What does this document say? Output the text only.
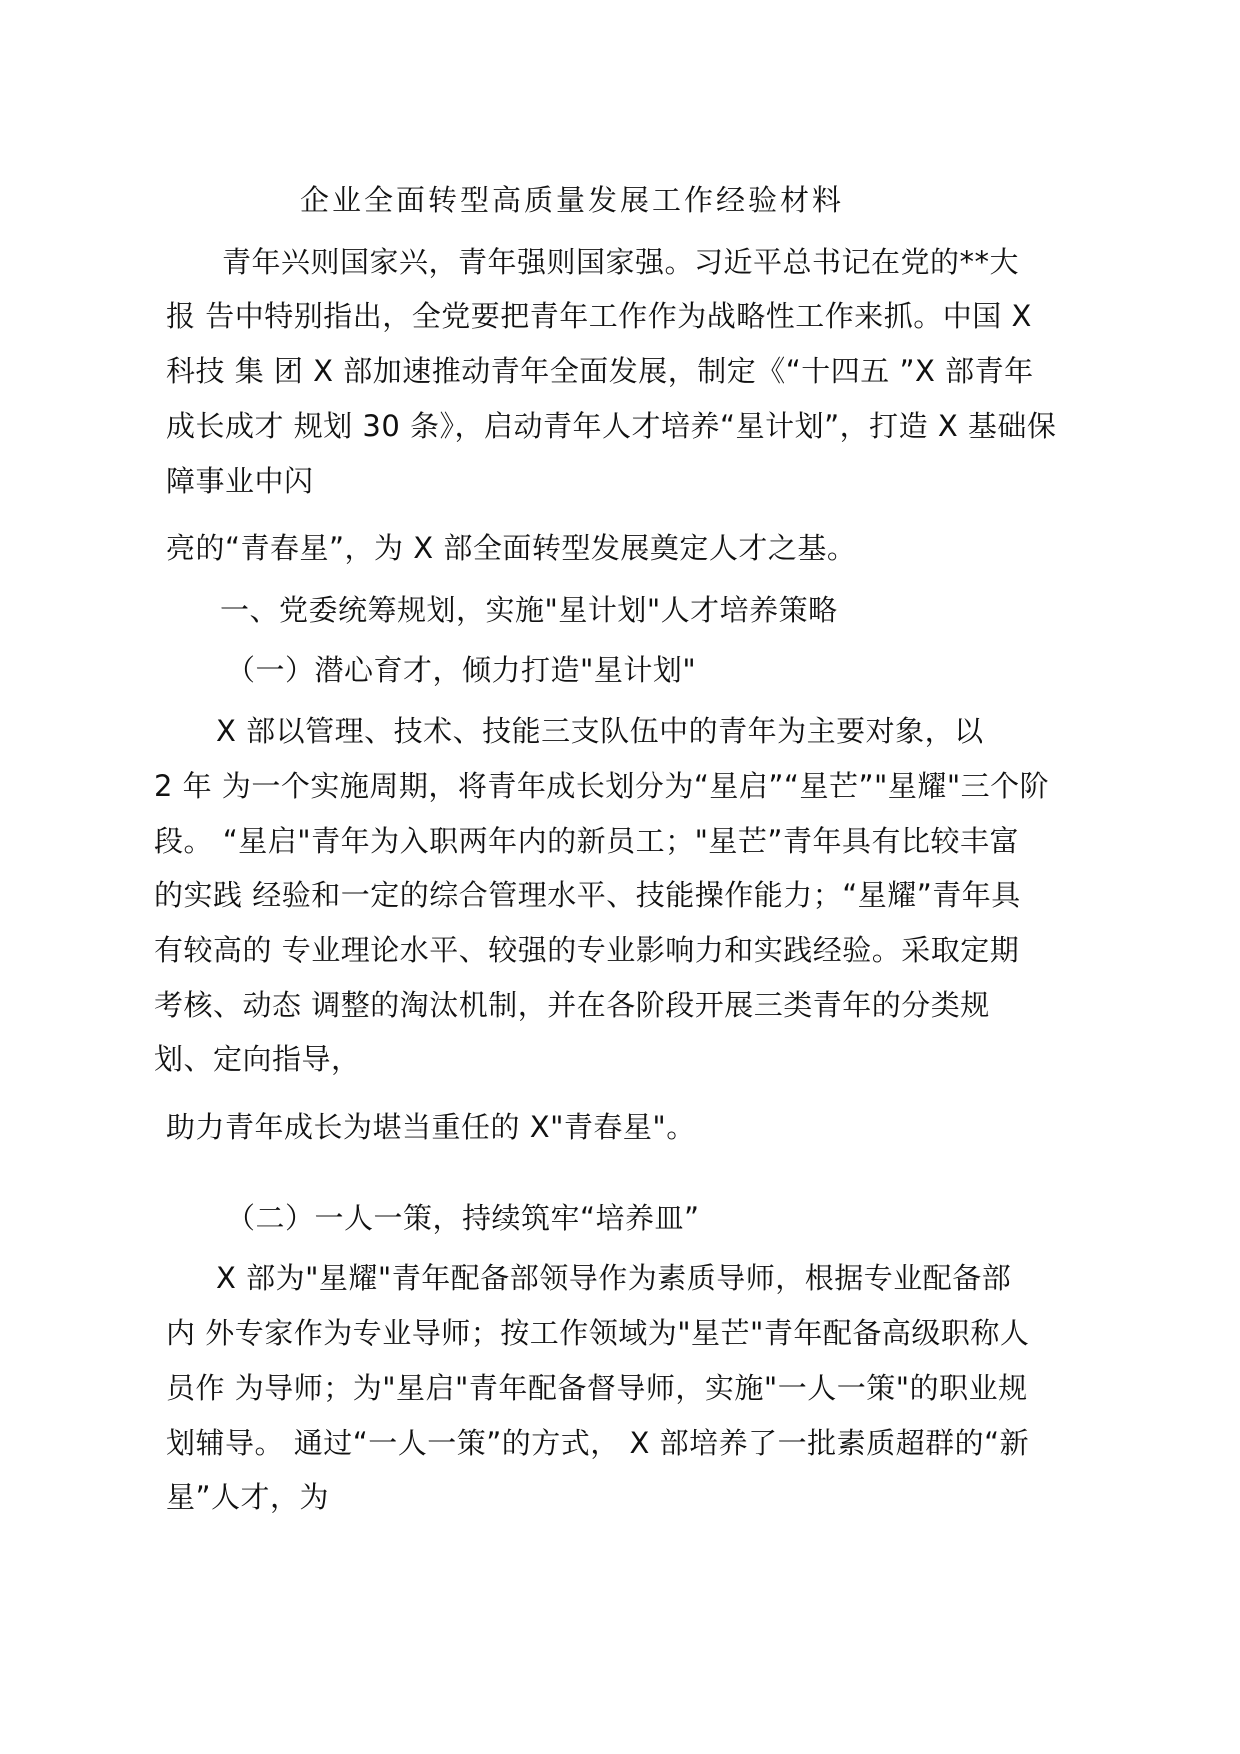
企业全面转型高质量发展工作经验材料
青年兴则国家兴，青年强则国家强。习近平总书记在党的**大
报 告中特别指出，全党要把青年工作作为战略性工作来抓。中国 X
科技 集 团 X 部加速推动青年全面发展，制定《“十四五 ”X 部青年
成长成才 规划 30 条》，启动青年人才培养“星计划”，打造 X 基础保
障事业中闪
亮的“青春星”，为 X 部全面转型发展奠定人才之基。
一、党委统筹规划，实施"星计划"人才培养策略
（一）潜心育才，倾力打造"星计划"
X 部以管理、技术、技能三支队伍中的青年为主要对象，以
2 年 为一个实施周期，将青年成长划分为“星启”“星芒”"星耀"三个阶
段。 “星启"青年为入职两年内的新员工；"星芒”青年具有比较丰富
的实践 经验和一定的综合管理水平、技能操作能力；“星耀”青年具
有较高的 专业理论水平、较强的专业影响力和实践经验。采取定期
考核、动态 调整的淘汰机制，并在各阶段开展三类青年的分类规
划、定向指导，
助力青年成长为堪当重任的 X"青春星"。
（二）一人一策，持续筑牢“培养皿”
X 部为"星耀"青年配备部领导作为素质导师，根据专业配备部
内 外专家作为专业导师；按工作领域为"星芒"青年配备高级职称人
员作 为导师；为"星启"青年配备督导师，实施"一人一策"的职业规
划辅导。 通过“一人一策”的方式， X 部培养了一批素质超群的“新
星”人才，为
